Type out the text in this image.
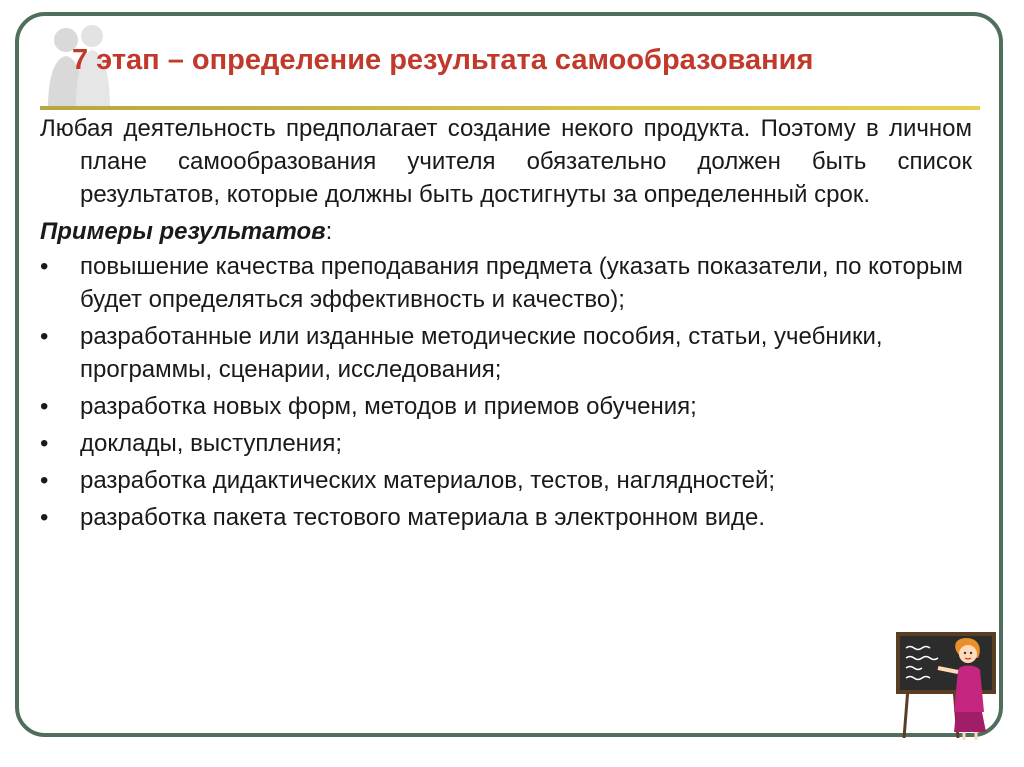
7 этап – определение результата самообразования

Любая деятельность предполагает создание некого продукта. Поэтому в личном плане самообразования учителя обязательно должен быть список результатов, которые должны быть достигнуты за определенный срок.

Примеры результатов:

• повышение качества преподавания предмета (указать показатели, по которым будет определяться эффективность и качество);
• разработанные или изданные методические пособия, статьи, учебники, программы, сценарии, исследования;
• разработка новых форм, методов и приемов обучения;
• доклады, выступления;
• разработка дидактических материалов, тестов, наглядностей;
• разработка пакета тестового материала в электронном виде.
